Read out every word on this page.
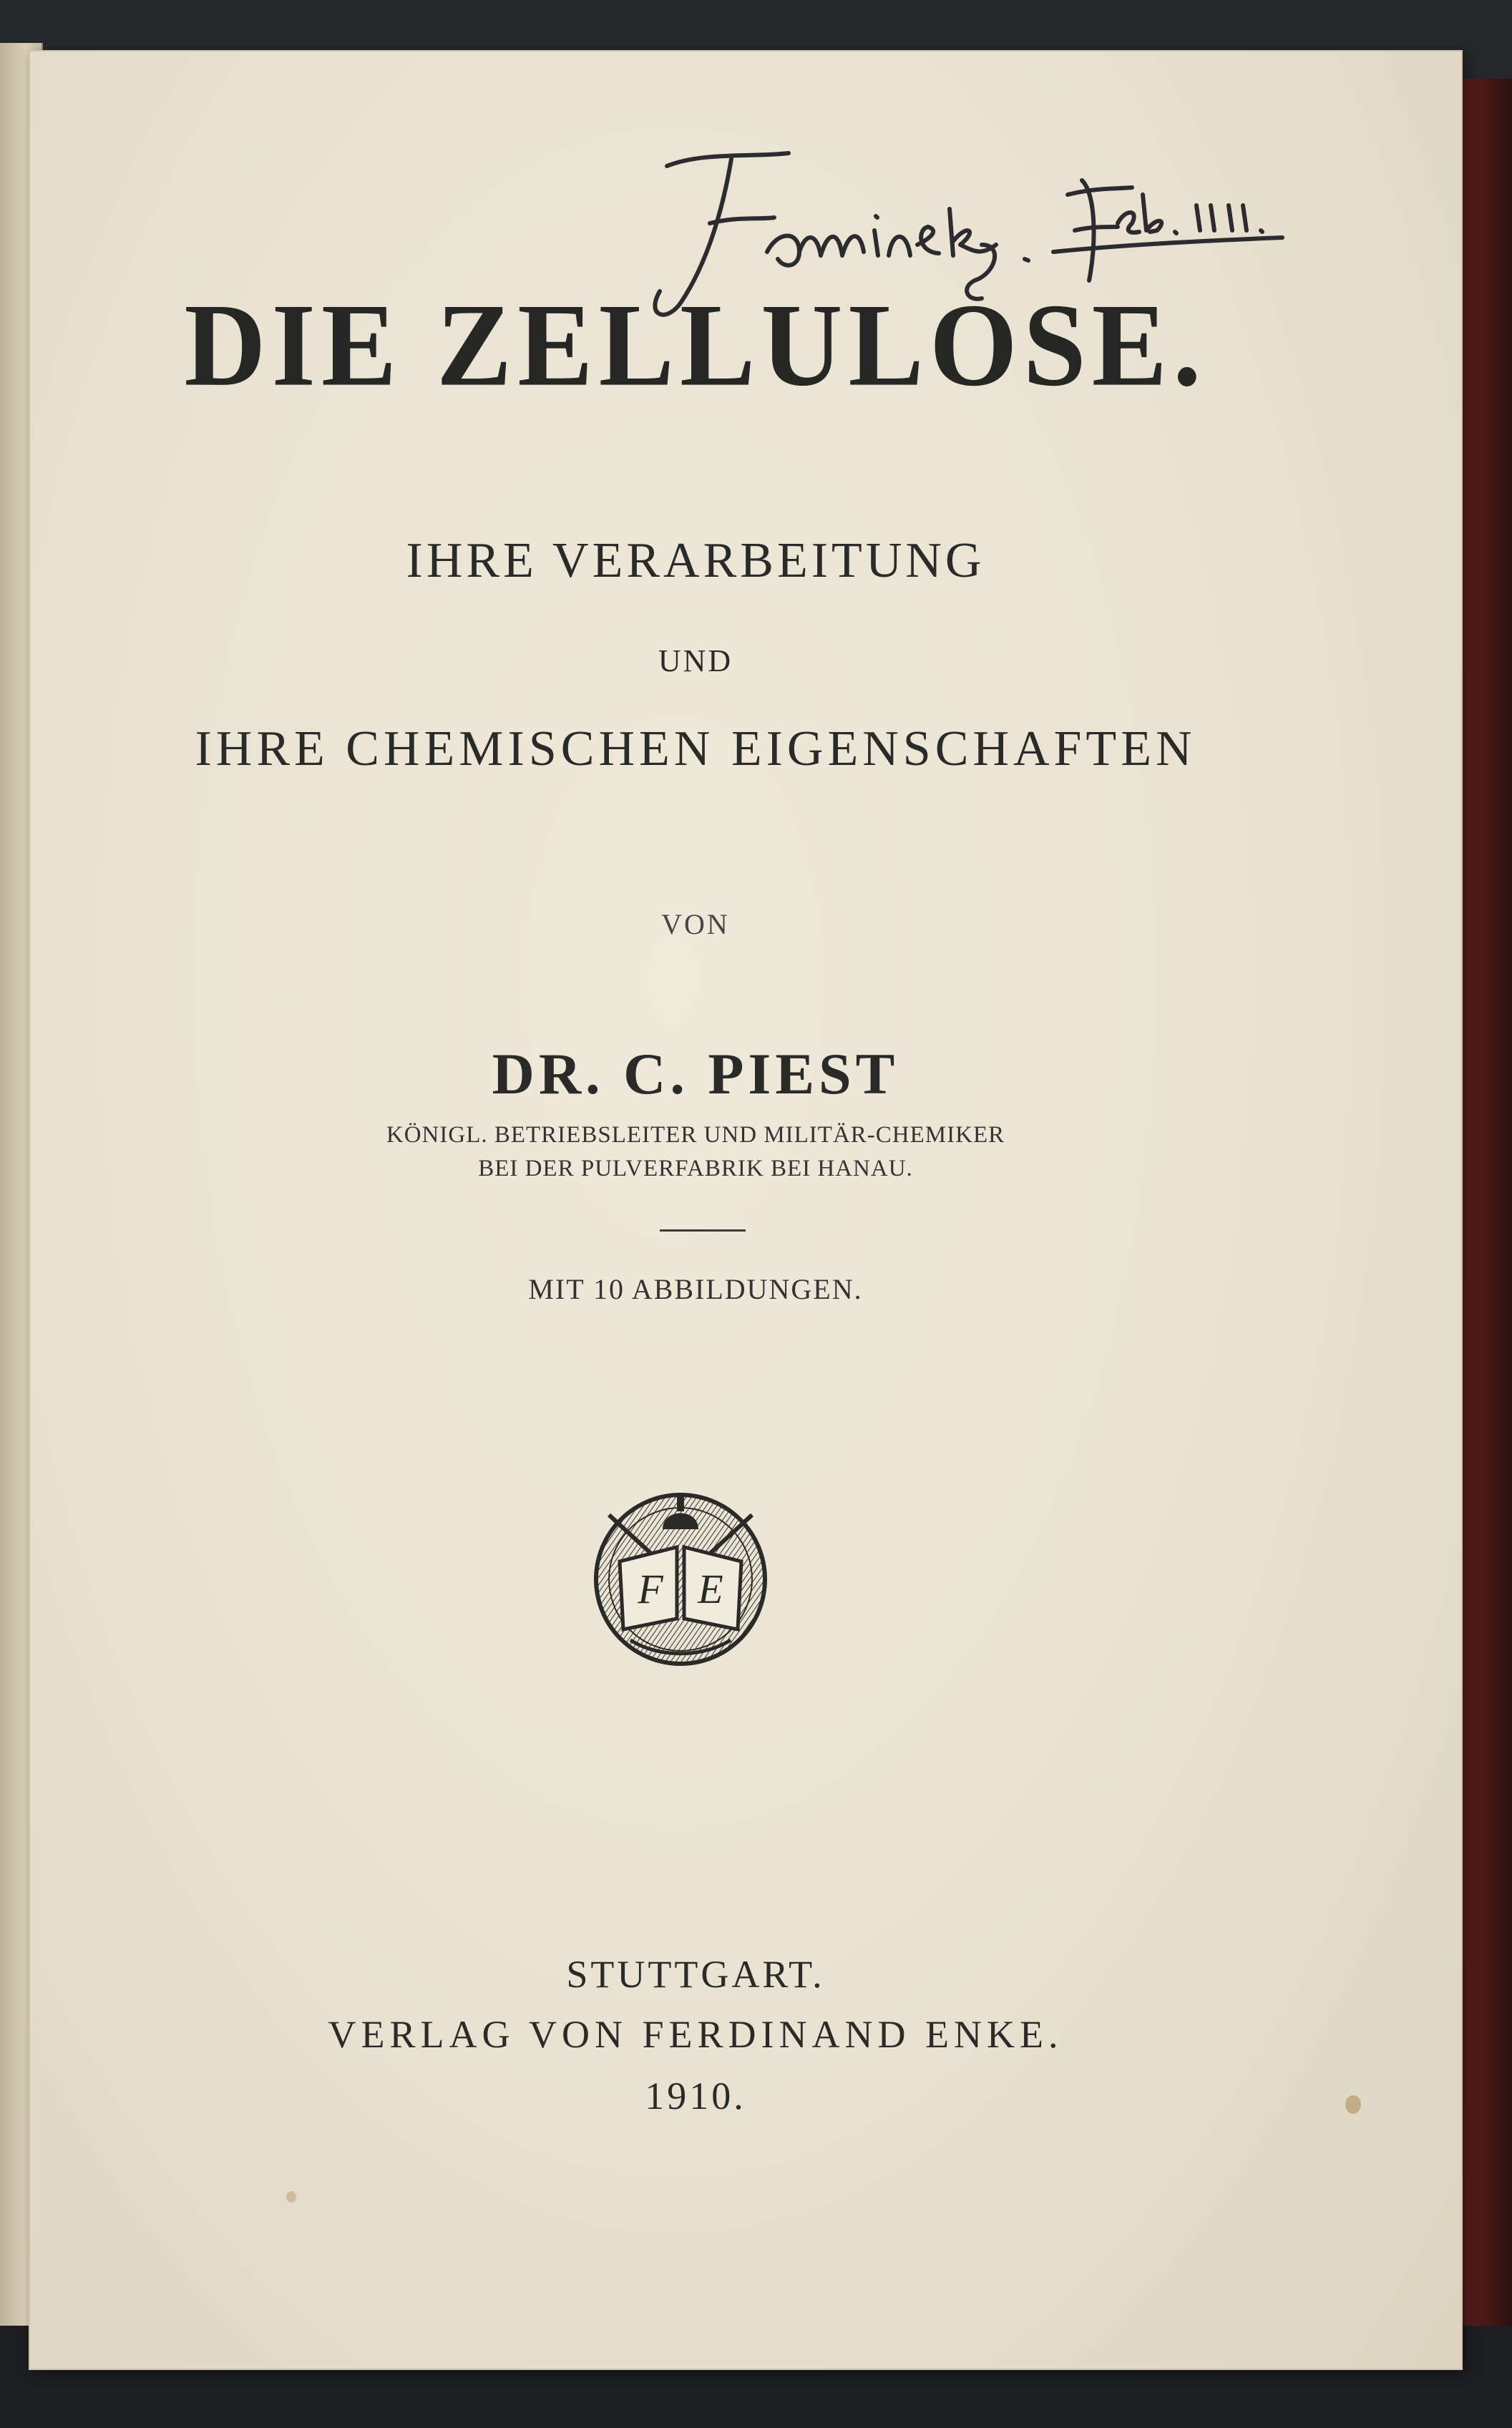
DIE ZELLULOSE.
IHRE VERARBEITUNG
UND
IHRE CHEMISCHEN EIGENSCHAFTEN
VON
DR. C. PIEST
KÖNIGL. BETRIEBSLEITER UND MILITÄR-CHEMIKER
BEI DER PULVERFABRIK BEI HANAU.
MIT 10 ABBILDUNGEN.
F E
STUTTGART.
VERLAG VON FERDINAND ENKE.
1910.
